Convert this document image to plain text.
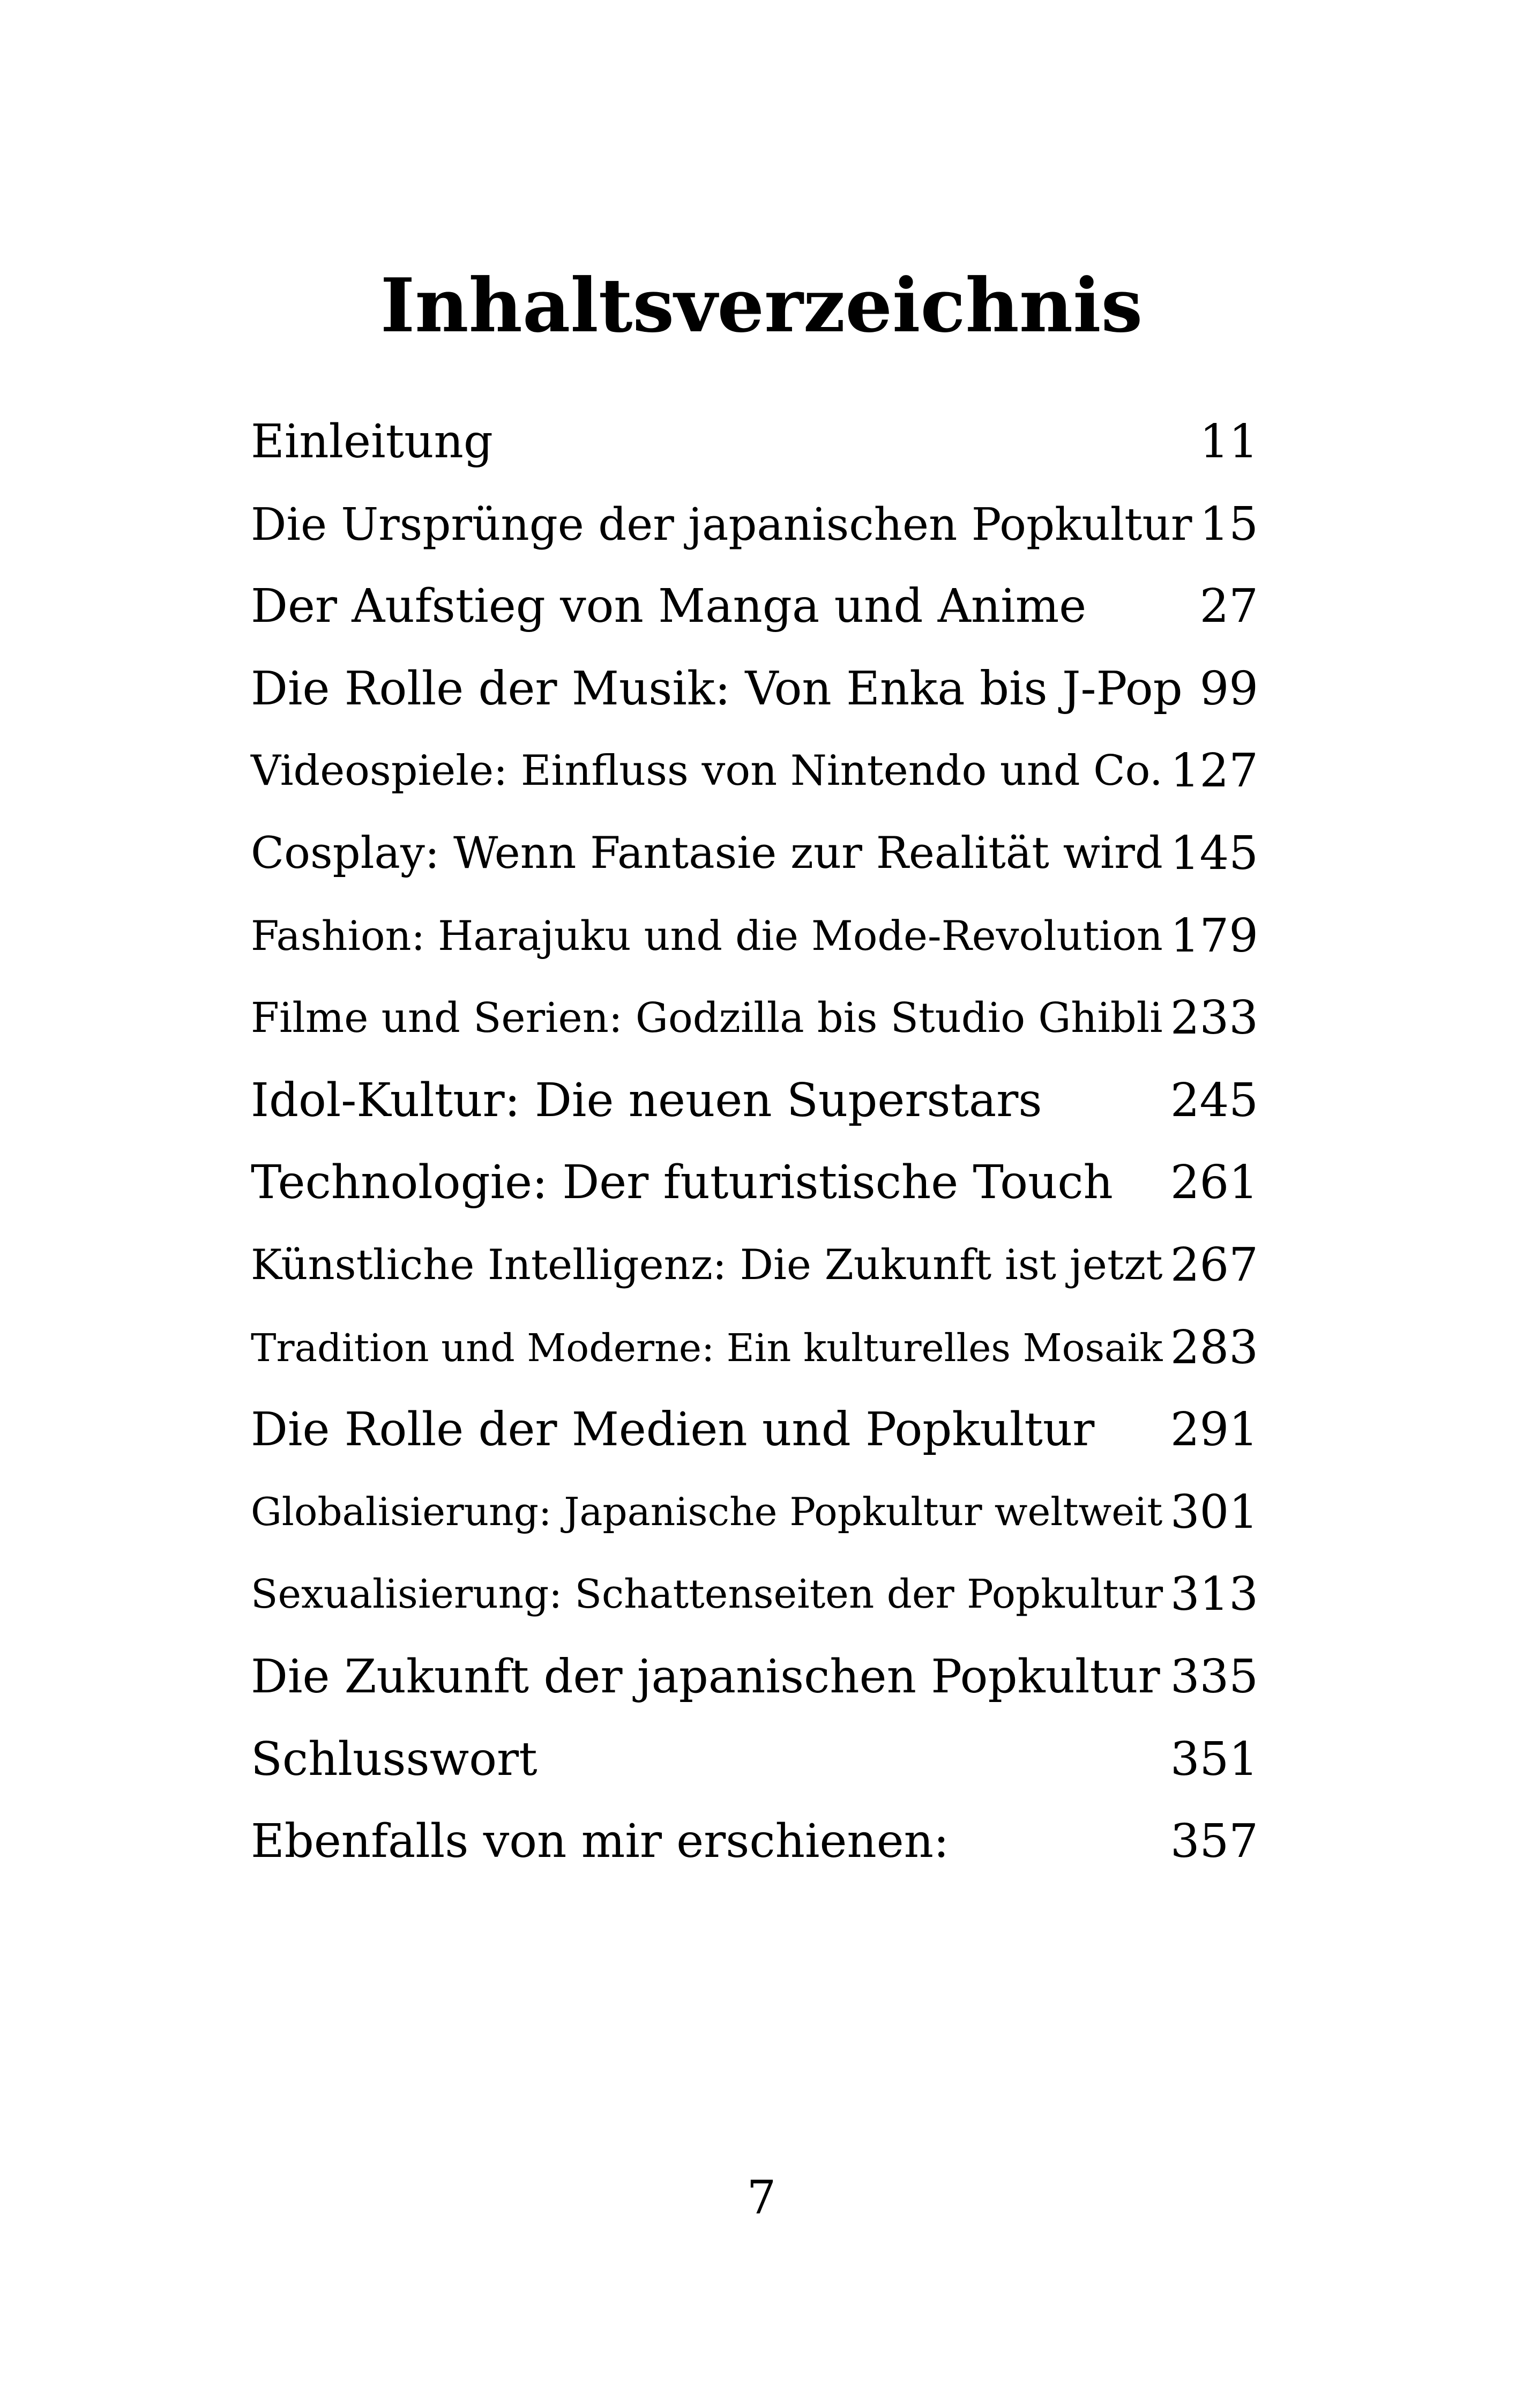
Inhaltsverzeichnis
Einleitung	11
Die Ursprünge der japanischen Popkultur 15
Der Aufstieg von Manga und Anime 27
Die Rolle der Musik: Von Enka bis J-Pop 99
Videospiele: Einfluss von Nintendo und Co. 127
Cosplay: Wenn Fantasie zur Realität wird 145
Fashion: Harajuku und die Mode-Revolution 179
Filme und Serien: Godzilla bis Studio Ghibli 233
Idol-Kultur: Die neuen Superstars	245
Technologie: Der futuristische Touch 261
Künstliche Intelligenz: Die Zukunft ist jetzt 267
Tradition und Moderne: Ein kulturelles Mosaik 283
Die Rolle der Medien und Popkultur 291
Globalisierung: Japanische Popkultur weltweit 301
Sexualisierung: Schattenseiten der Popkultur 313
Die Zukunft der japanischen Popkultur 335
Schlusswort	351
Ebenfalls von mir erschienen:	357
7
